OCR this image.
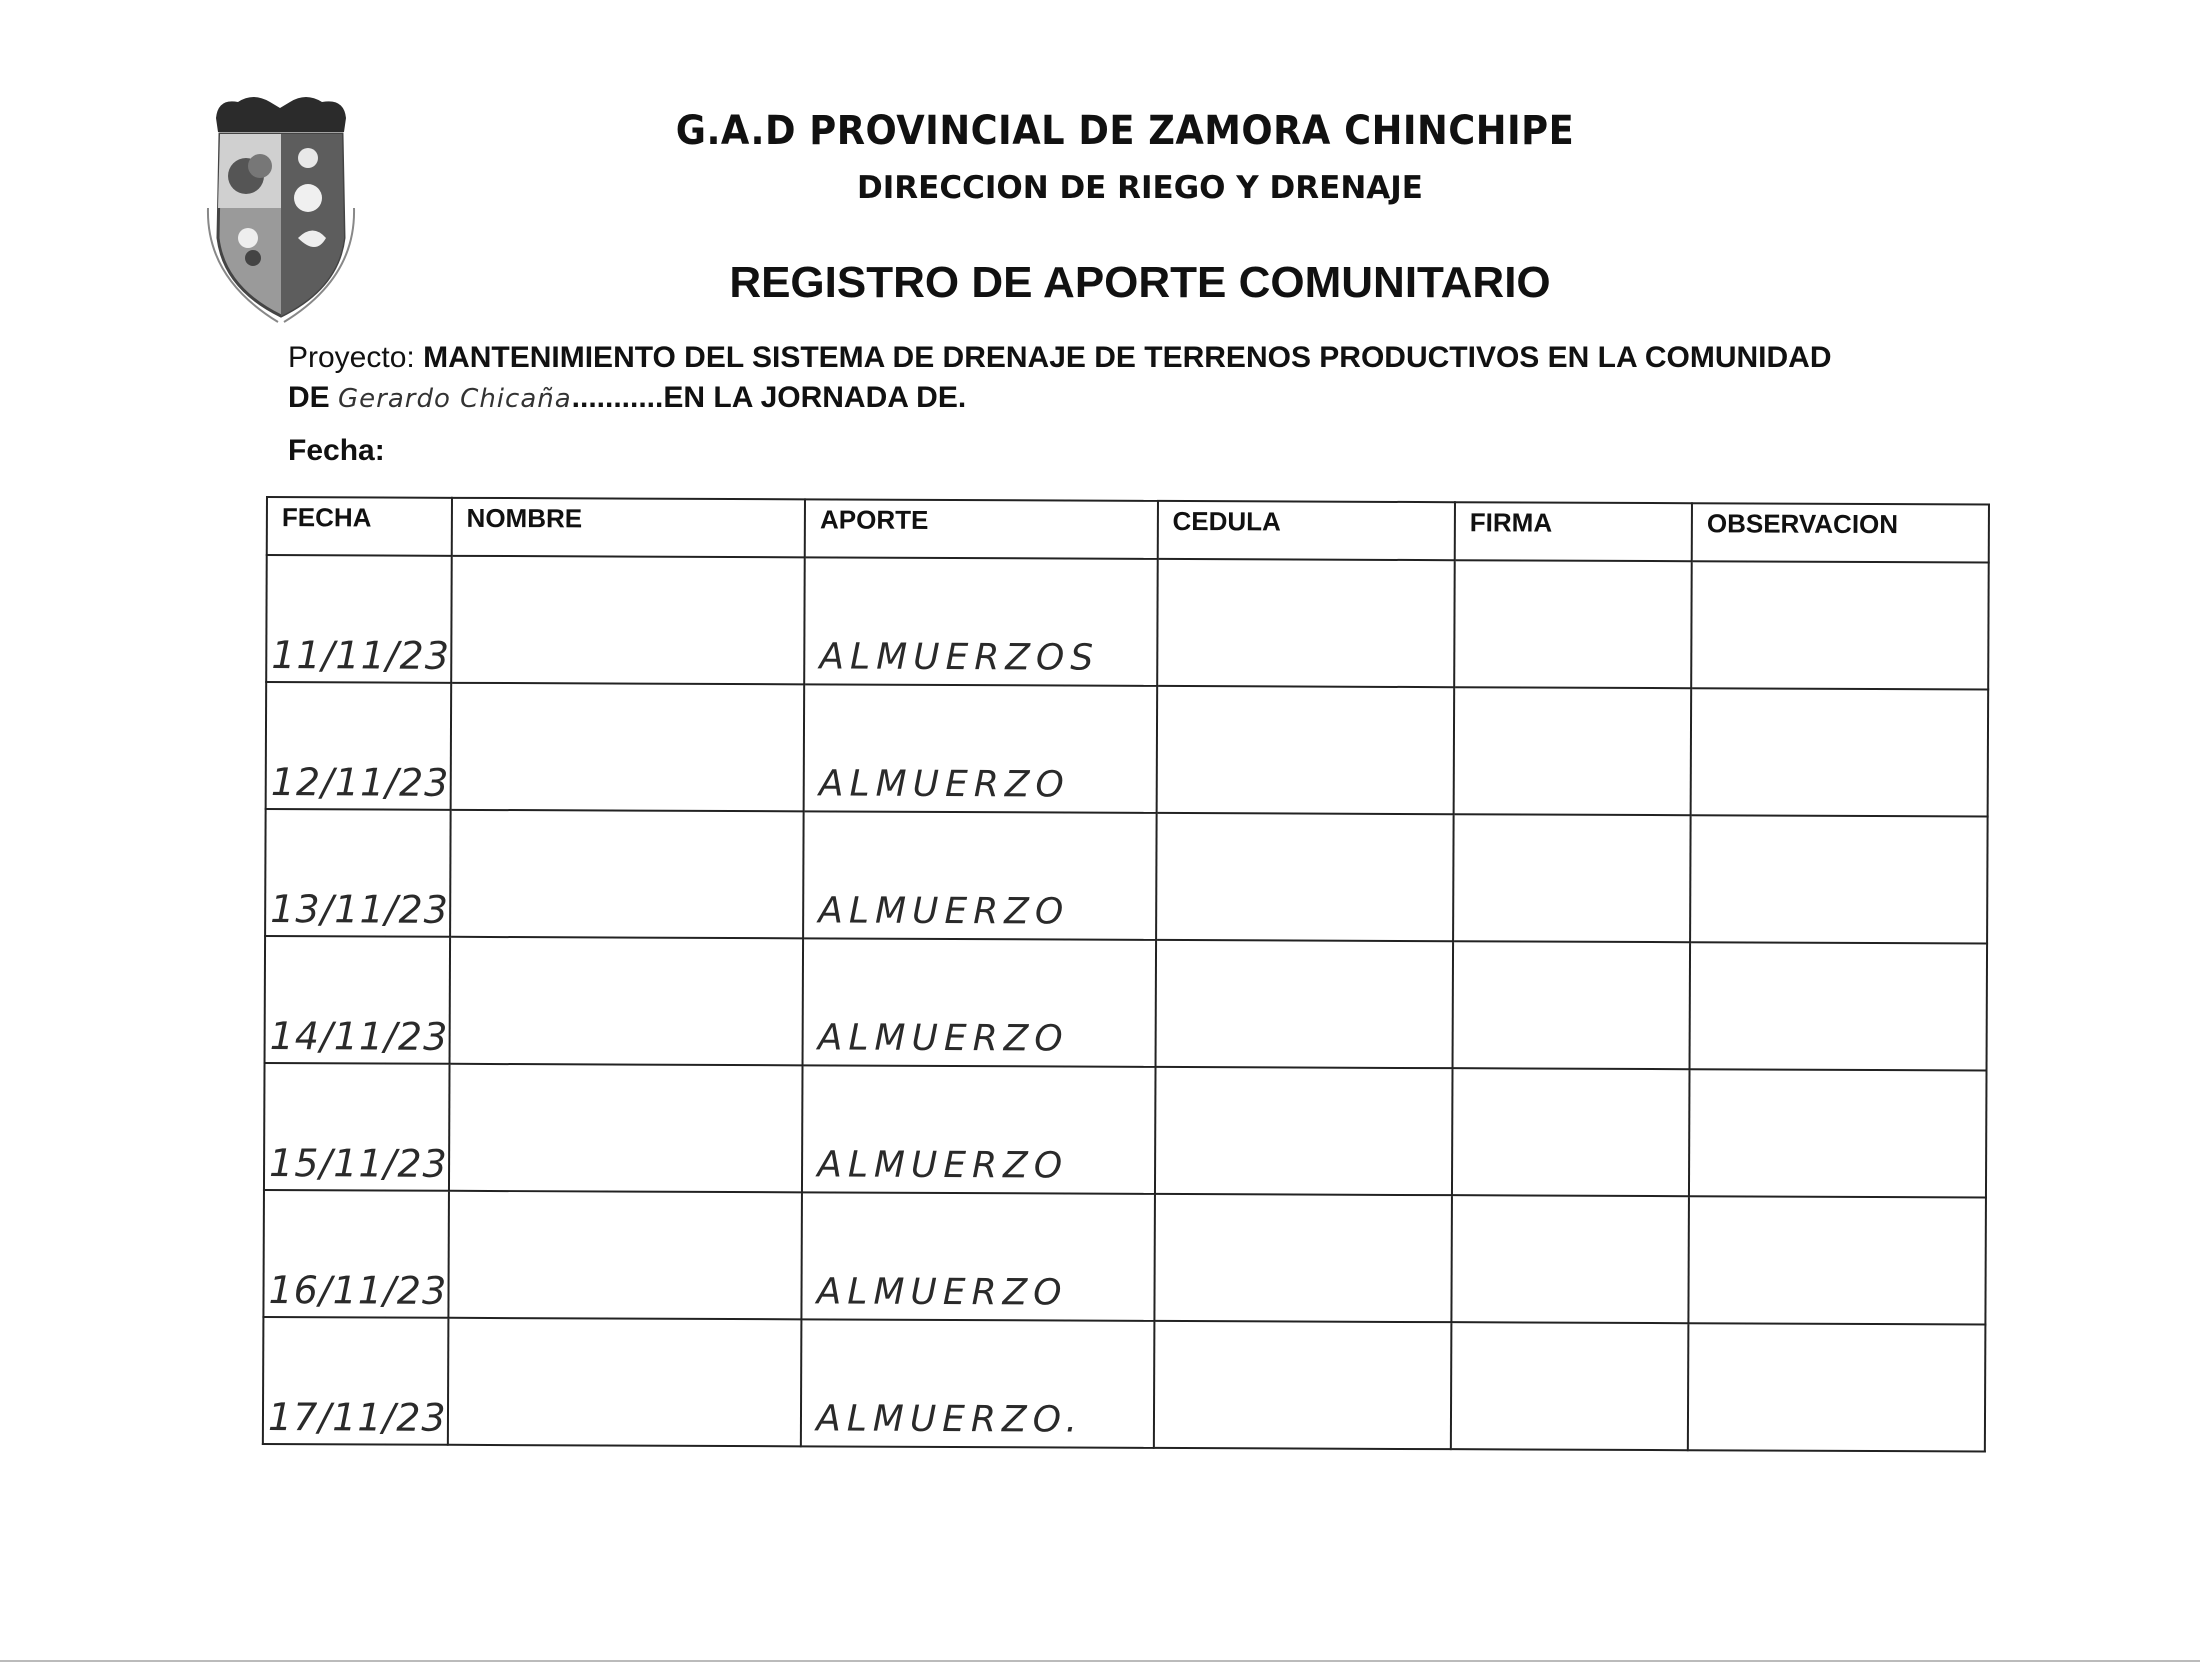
G.A.D PROVINCIAL DE ZAMORA CHINCHIPE
DIRECCION DE RIEGO Y DRENAJE
REGISTRO DE APORTE COMUNITARIO
Proyecto: MANTENIMIENTO DEL SISTEMA DE DRENAJE DE TERRENOS PRODUCTIVOS EN LA COMUNIDAD
DE Gerardo Chicaña...........EN LA JORNADA DE.
Fecha:
FECHA	NOMBRE	APORTE	CEDULA	FIRMA	OBSERVACION

11/11/23		ALMUERZOS			

12/11/23		ALMUERZO			

13/11/23		ALMUERZO			

14/11/23		ALMUERZO			

15/11/23		ALMUERZO			

16/11/23		ALMUERZO			

17/11/23		ALMUERZO.			
